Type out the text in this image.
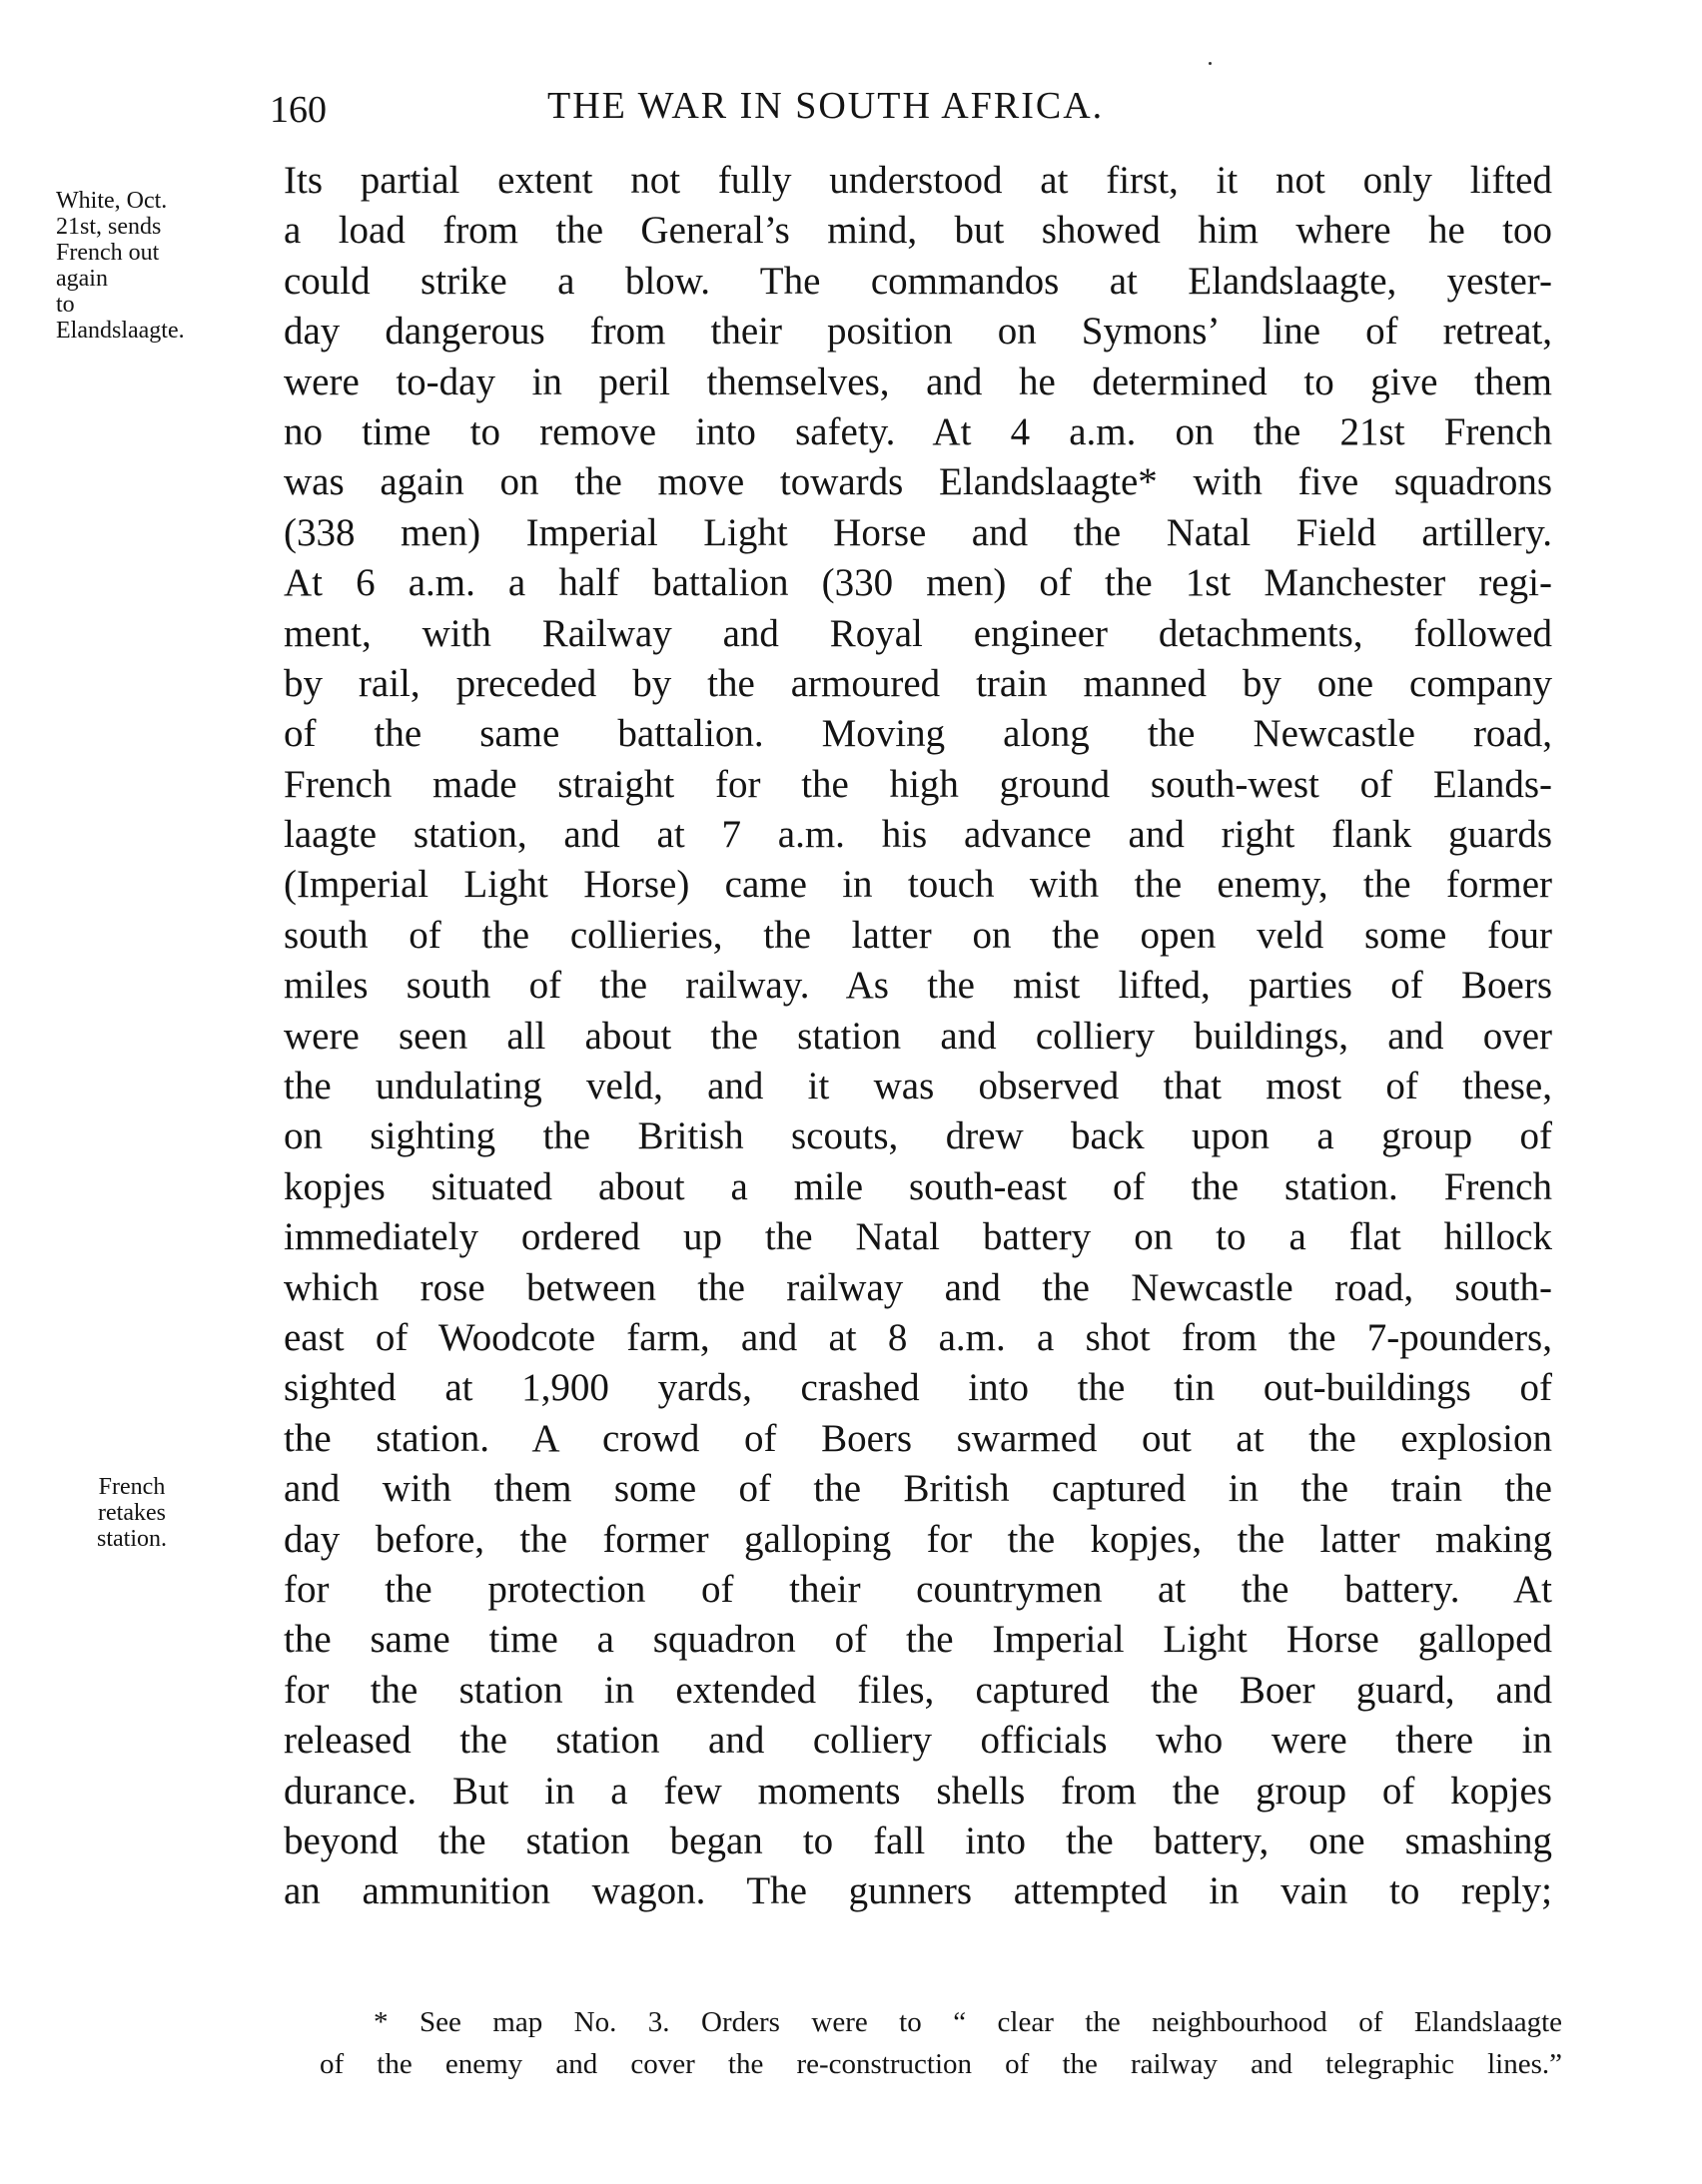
160	THE WAR IN SOUTH AFRICA.
White, Oct.
21st, sends
French out
again
to
Elandslaagte.
French
retakes
station.
Its partial extent not fully understood at first, it not only lifted
a load from the General’s mind, but showed him where he too
could strike a blow. The commandos at Elandslaagte, yester-
day dangerous from their position on Symons’ line of retreat,
were to-day in peril themselves, and he determined to give them
no time to remove into safety. At 4 a.m. on the 21st French
was again on the move towards Elandslaagte* with five squadrons
(338 men) Imperial Light Horse and the Natal Field artillery.
At 6 a.m. a half battalion (330 men) of the 1st Manchester regi-
ment, with Railway and Royal engineer detachments, followed
by rail, preceded by the armoured train manned by one company
of the same battalion. Moving along the Newcastle road,
French made straight for the high ground south-west of Elands-
laagte station, and at 7 a.m. his advance and right flank guards
(Imperial Light Horse) came in touch with the enemy, the former
south of the collieries, the latter on the open veld some four
miles south of the railway. As the mist lifted, parties of Boers
were seen all about the station and colliery buildings, and over
the undulating veld, and it was observed that most of these,
on sighting the British scouts, drew back upon a group of
kopjes situated about a mile south-east of the station. French
immediately ordered up the Natal battery on to a flat hillock
which rose between the railway and the Newcastle road, south-
east of Woodcote farm, and at 8 a.m. a shot from the 7-pounders,
sighted at 1,900 yards, crashed into the tin out-buildings of
the station. A crowd of Boers swarmed out at the explosion
and with them some of the British captured in the train the
day before, the former galloping for the kopjes, the latter making
for the protection of their countrymen at the battery. At
the same time a squadron of the Imperial Light Horse galloped
for the station in extended files, captured the Boer guard, and
released the station and colliery officials who were there in
durance. But in a few moments shells from the group of kopjes
beyond the station began to fall into the battery, one smashing
an ammunition wagon. The gunners attempted in vain to reply;
* See map No. 3. Orders were to “ clear the neighbourhood of Elandslaagte
of the enemy and cover the re-construction of the railway and telegraphic lines.”
